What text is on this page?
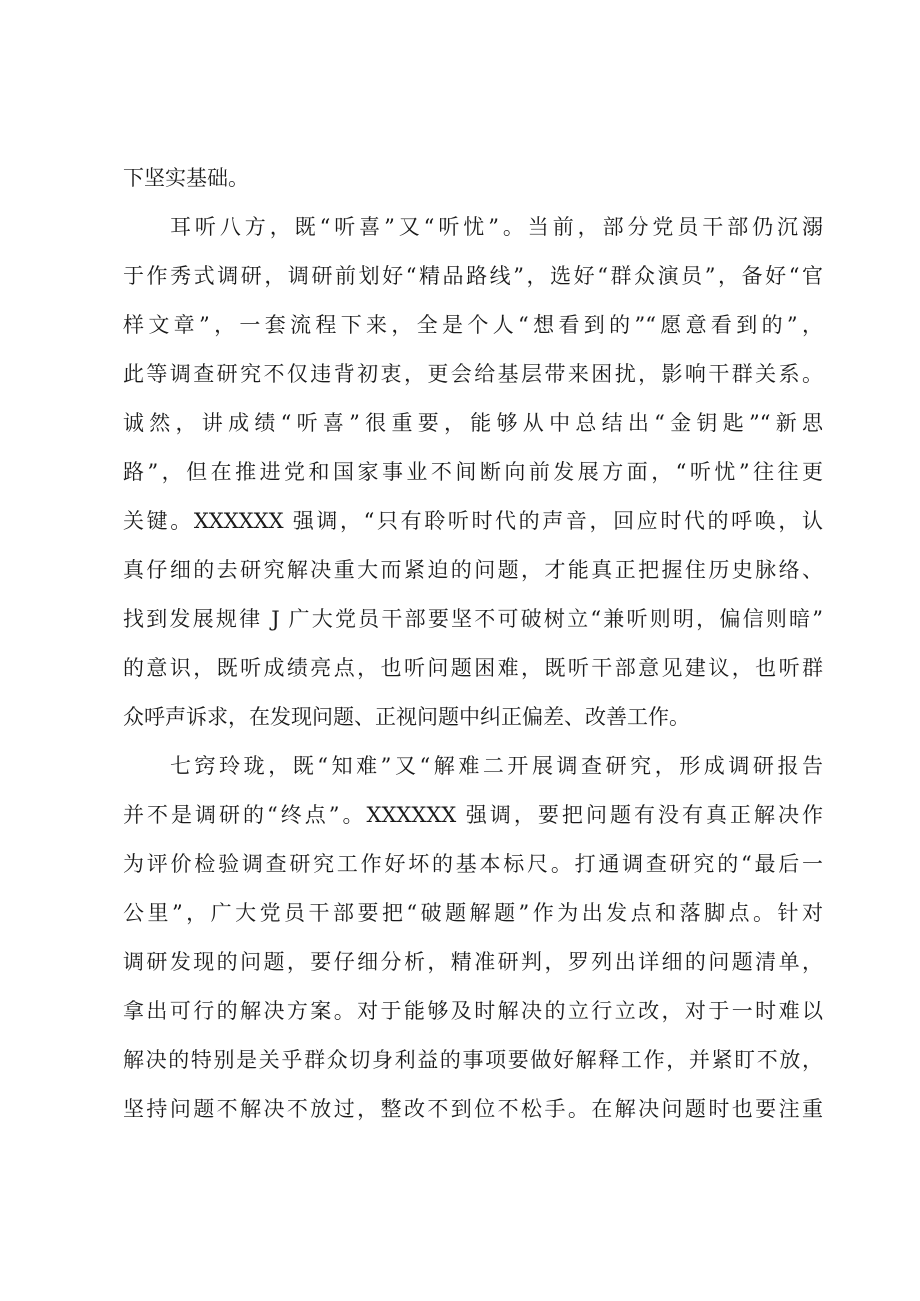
下坚实基础。
耳听八方，既“听喜”又“听忧”。当前，部分党员干部仍沉溺
于作秀式调研，调研前划好“精品路线”，选好“群众演员”，备好“官
样文章”，一套流程下来，全是个人“想看到的”“愿意看到的”，
此等调查研究不仅违背初衷，更会给基层带来困扰，影响干群关系。
诚然，讲成绩“听喜”很重要，能够从中总结出“金钥匙”“新思
路”，但在推进党和国家事业不间断向前发展方面，“听忧”往往更
关键。XXXXXX 强调，“只有聆听时代的声音，回应时代的呼唤，认
真仔细的去研究解决重大而紧迫的问题，才能真正把握住历史脉络、
找到发展规律 J 广大党员干部要坚不可破树立“兼听则明，偏信则暗”
的意识，既听成绩亮点，也听问题困难，既听干部意见建议，也听群
众呼声诉求，在发现问题、正视问题中纠正偏差、改善工作。
七窍玲珑，既“知难”又“解难二开展调查研究，形成调研报告
并不是调研的“终点”。XXXXXX 强调，要把问题有没有真正解决作
为评价检验调查研究工作好坏的基本标尺。打通调查研究的“最后一
公里”，广大党员干部要把“破题解题”作为出发点和落脚点。针对
调研发现的问题，要仔细分析，精准研判，罗列出详细的问题清单，
拿出可行的解决方案。对于能够及时解决的立行立改，对于一时难以
解决的特别是关乎群众切身利益的事项要做好解释工作，并紧盯不放，
坚持问题不解决不放过，整改不到位不松手。在解决问题时也要注重
